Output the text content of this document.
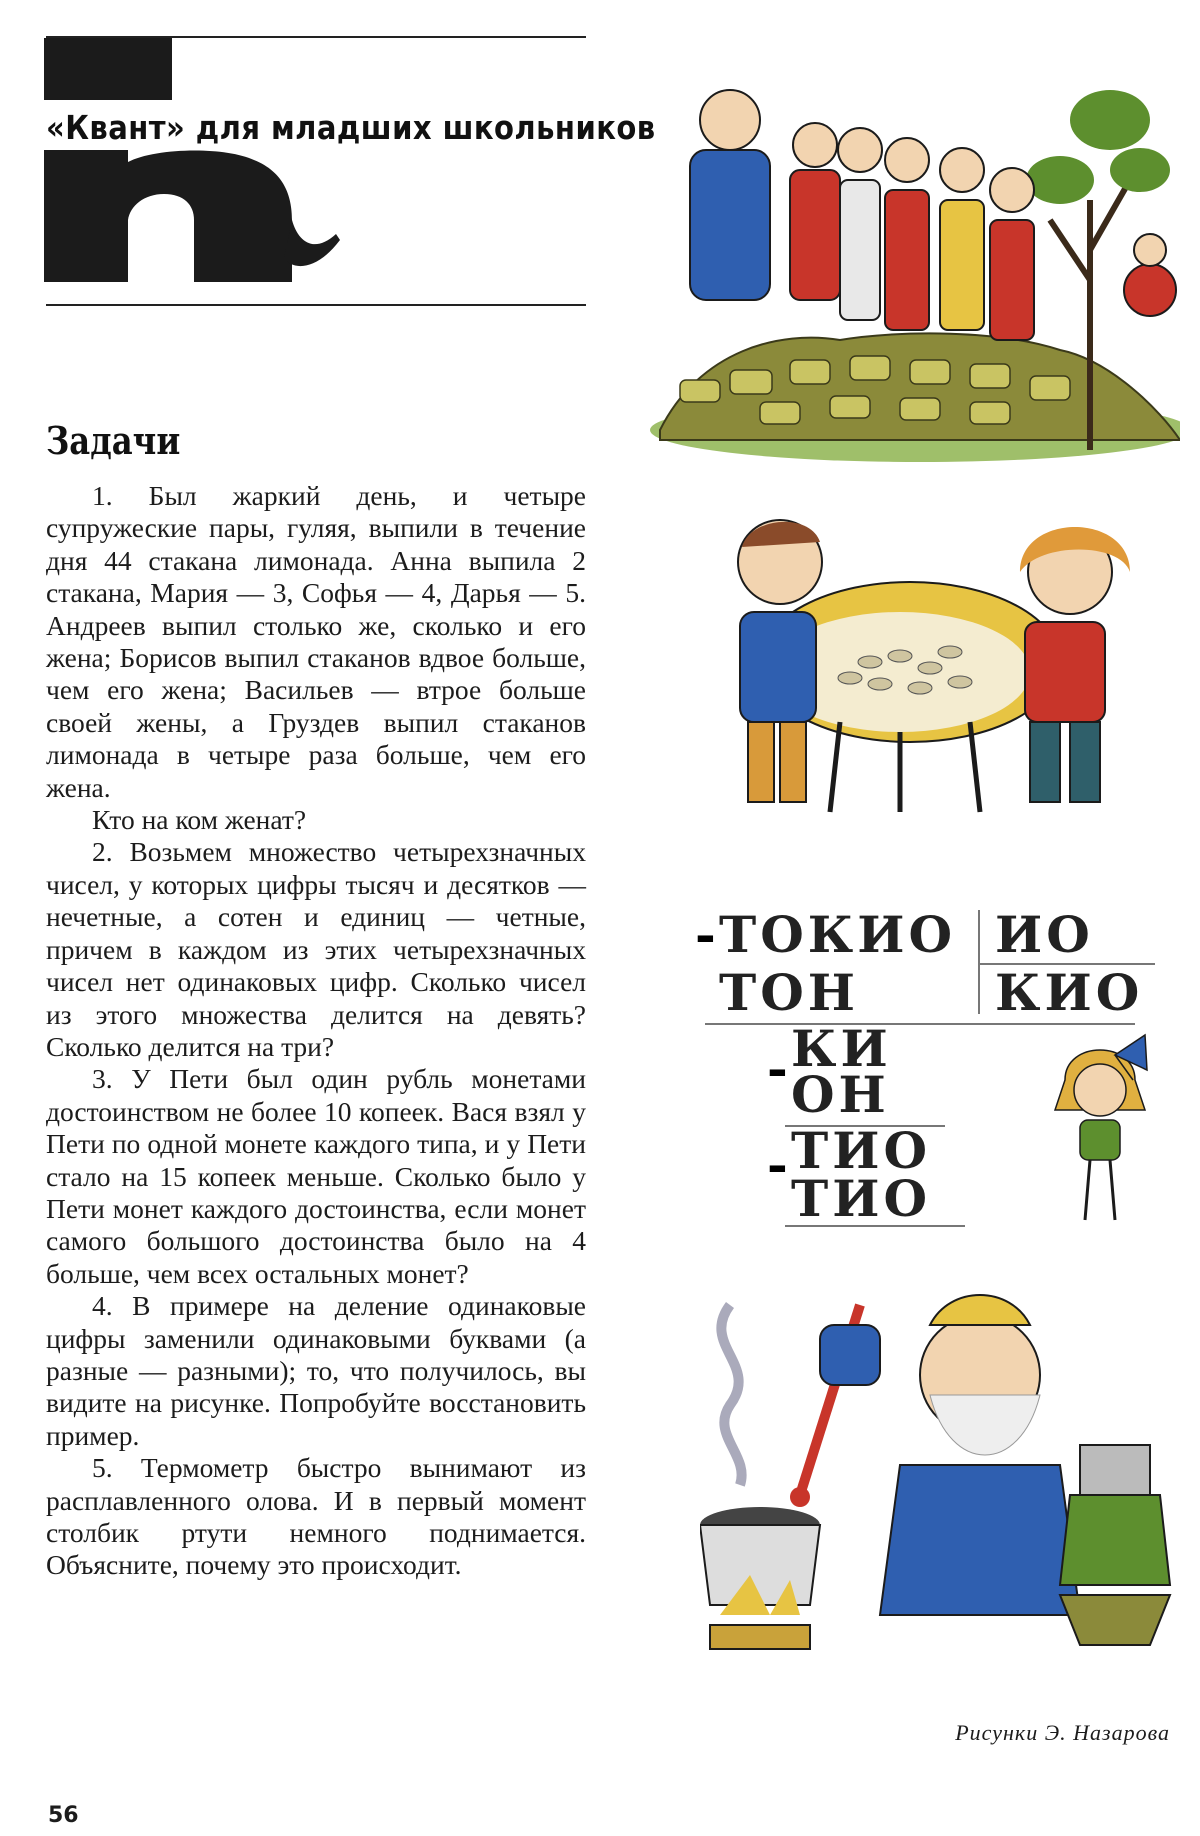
«Квант» для младших школьников
Задачи

1. Был жаркий день, и четыре супружеские пары, гуляя, выпили в течение дня 44 стакана лимонада. Анна выпила 2 стакана, Мария — 3, Софья — 4, Дарья — 5. Андреев выпил столько же, сколько и его жена; Борисов выпил стаканов вдвое больше, чем его жена; Васильев — втрое больше своей жены, а Груздев выпил стаканов лимонада в четыре раза больше, чем его жена.

Кто на ком женат?

2. Возьмем множество четырехзначных чисел, у которых цифры тысяч и десятков — нечетные, а сотен и единиц — четные, причем в каждом из этих четырехзначных чисел нет одинаковых цифр. Сколько чисел из этого множества делится на девять? Сколько делится на три?

3. У Пети был один рубль монетами достоинством не более 10 копеек. Вася взял у Пети по одной монете каждого типа, и у Пети стало на 15 копеек меньше. Сколько было у Пети монет каждого достоинства, если монет самого большого достоинства было на 4 больше, чем всех остальных монет?

4. В примере на деление одинаковые цифры заменили одинаковыми буквами (а разные — разными); то, что получилось, вы видите на рисунке. Попробуйте восстановить пример.

5. Термометр быстро вынимают из расплавленного олова. И в первый момент столбик ртути немного поднимается. Объясните, почему это происходит.

- ТОКИО
ТОН
ИО
КИО
- КИ
ОН
- ТИО
ТИО
Рисунки Э. Назарова
56
